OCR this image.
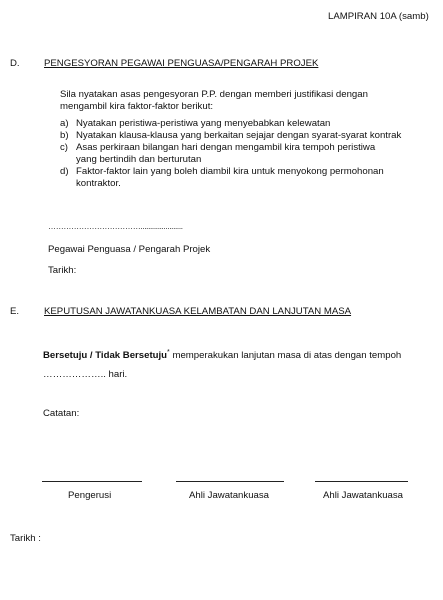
LAMPIRAN 10A (samb)
D.	PENGESYORAN PEGAWAI PENGUASA/PENGARAH PROJEK
Sila nyatakan asas pengesyoran P.P. dengan memberi justifikasi dengan mengambil kira faktor-faktor berikut:
a) Nyatakan peristiwa-peristiwa yang menyebabkan kelewatan
b) Nyatakan klausa-klausa yang berkaitan sejajar dengan syarat-syarat kontrak
c) Asas perkiraan bilangan hari dengan mengambil kira tempoh peristiwa yang bertindih dan berturutan
d) Faktor-faktor lain yang boleh diambil kira untuk menyokong permohonan kontraktor.
………………………………......................
Pegawai Penguasa / Pengarah Projek
Tarikh:
E.	KEPUTUSAN JAWATANKUASA KELAMBATAN DAN LANJUTAN MASA
Bersetuju / Tidak Bersetuju* memperakukan lanjutan masa di atas dengan tempoh
……………….. hari.
Catatan:
Pengerusi	Ahli Jawatankuasa	Ahli Jawatankuasa
Tarikh :
